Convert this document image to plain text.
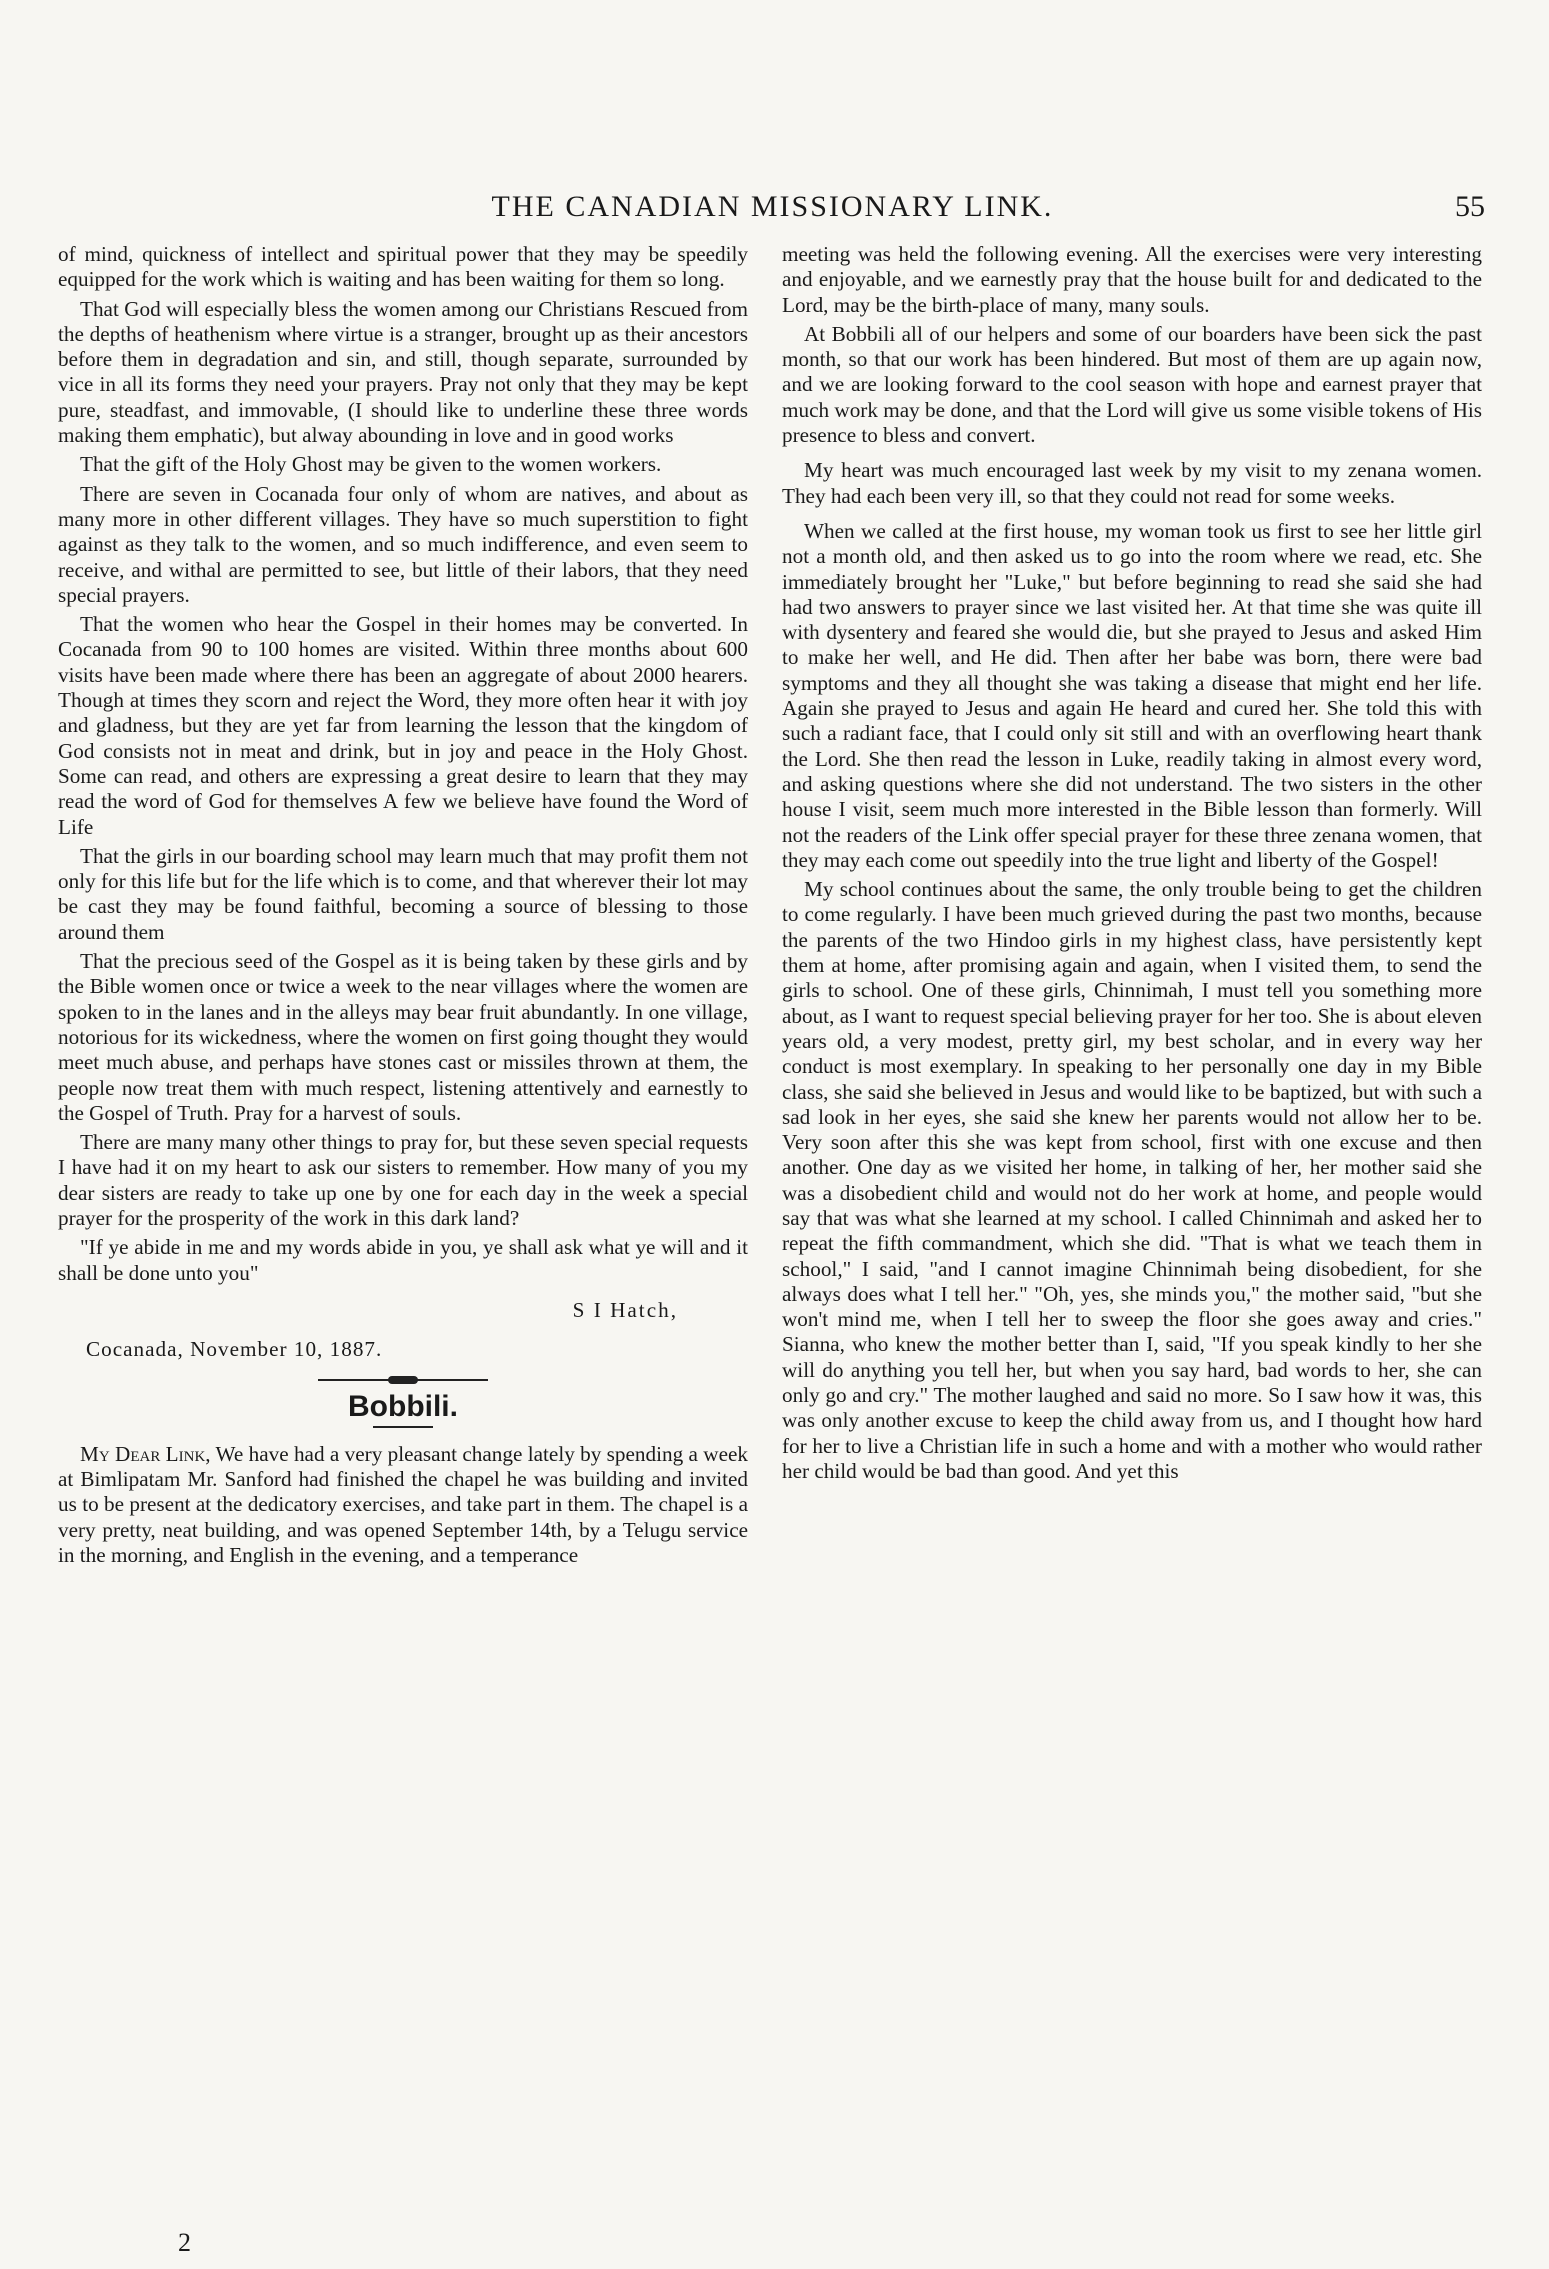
THE CANADIAN MISSIONARY LINK.	55

of mind, quickness of intellect and spiritual power that they may be speedily equipped for the work which is waiting and has been waiting for them so long.

That God will especially bless the women among our Christians Rescued from the depths of heathenism where virtue is a stranger, brought up as their ancestors before them in degradation and sin, and still, though separate, surrounded by vice in all its forms they need your prayers. Pray not only that they may be kept pure, steadfast, and immovable, (I should like to underline these three words making them emphatic), but alway abounding in love and in good works

That the gift of the Holy Ghost may be given to the women workers.

There are seven in Cocanada four only of whom are natives, and about as many more in other different villages. They have so much superstition to fight against as they talk to the women, and so much indifference, and even seem to receive, and withal are permitted to see, but little of their labors, that they need special prayers.

That the women who hear the Gospel in their homes may be converted. In Cocanada from 90 to 100 homes are visited. Within three months about 600 visits have been made where there has been an aggregate of about 2000 hearers. Though at times they scorn and reject the Word, they more often hear it with joy and gladness, but they are yet far from learning the lesson that the kingdom of God consists not in meat and drink, but in joy and peace in the Holy Ghost. Some can read, and others are expressing a great desire to learn that they may read the word of God for themselves A few we believe have found the Word of Life

That the girls in our boarding school may learn much that may profit them not only for this life but for the life which is to come, and that wherever their lot may be cast they may be found faithful, becoming a source of blessing to those around them

That the precious seed of the Gospel as it is being taken by these girls and by the Bible women once or twice a week to the near villages where the women are spoken to in the lanes and in the alleys may bear fruit abundantly. In one village, notorious for its wickedness, where the women on first going thought they would meet much abuse, and perhaps have stones cast or missiles thrown at them, the people now treat them with much respect, listening attentively and earnestly to the Gospel of Truth. Pray for a harvest of souls.

There are many many other things to pray for, but these seven special requests I have had it on my heart to ask our sisters to remember. How many of you my dear sisters are ready to take up one by one for each day in the week a special prayer for the prosperity of the work in this dark land?

"If ye abide in me and my words abide in you, ye shall ask what ye will and it shall be done unto you"

S I Hatch,

Cocanada, November 10, 1887.

Bobbili.

My Dear Link, We have had a very pleasant change lately by spending a week at Bimlipatam Mr. Sanford had finished the chapel he was building and invited us to be present at the dedicatory exercises, and take part in them. The chapel is a very pretty, neat building, and was opened September 14th, by a Telugu service in the morning, and English in the evening, and a temperance

meeting was held the following evening. All the exercises were very interesting and enjoyable, and we earnestly pray that the house built for and dedicated to the Lord, may be the birth-place of many, many souls.

At Bobbili all of our helpers and some of our boarders have been sick the past month, so that our work has been hindered. But most of them are up again now, and we are looking forward to the cool season with hope and earnest prayer that much work may be done, and that the Lord will give us some visible tokens of His presence to bless and convert.

My heart was much encouraged last week by my visit to my zenana women. They had each been very ill, so that they could not read for some weeks.

When we called at the first house, my woman took us first to see her little girl not a month old, and then asked us to go into the room where we read, etc. She immediately brought her "Luke," but before beginning to read she said she had had two answers to prayer since we last visited her. At that time she was quite ill with dysentery and feared she would die, but she prayed to Jesus and asked Him to make her well, and He did. Then after her babe was born, there were bad symptoms and they all thought she was taking a disease that might end her life. Again she prayed to Jesus and again He heard and cured her. She told this with such a radiant face, that I could only sit still and with an overflowing heart thank the Lord. She then read the lesson in Luke, readily taking in almost every word, and asking questions where she did not understand. The two sisters in the other house I visit, seem much more interested in the Bible lesson than formerly. Will not the readers of the Link offer special prayer for these three zenana women, that they may each come out speedily into the true light and liberty of the Gospel!

My school continues about the same, the only trouble being to get the children to come regularly. I have been much grieved during the past two months, because the parents of the two Hindoo girls in my highest class, have persistently kept them at home, after promising again and again, when I visited them, to send the girls to school. One of these girls, Chinnimah, I must tell you something more about, as I want to request special believing prayer for her too. She is about eleven years old, a very modest, pretty girl, my best scholar, and in every way her conduct is most exemplary. In speaking to her personally one day in my Bible class, she said she believed in Jesus and would like to be baptized, but with such a sad look in her eyes, she said she knew her parents would not allow her to be. Very soon after this she was kept from school, first with one excuse and then another. One day as we visited her home, in talking of her, her mother said she was a disobedient child and would not do her work at home, and people would say that was what she learned at my school. I called Chinnimah and asked her to repeat the fifth commandment, which she did. "That is what we teach them in school," I said, "and I cannot imagine Chinnimah being disobedient, for she always does what I tell her." "Oh, yes, she minds you," the mother said, "but she won't mind me, when I tell her to sweep the floor she goes away and cries." Sianna, who knew the mother better than I, said, "If you speak kindly to her she will do anything you tell her, but when you say hard, bad words to her, she can only go and cry." The mother laughed and said no more. So I saw how it was, this was only another excuse to keep the child away from us, and I thought how hard for her to live a Christian life in such a home and with a mother who would rather her child would be bad than good. And yet this

2
